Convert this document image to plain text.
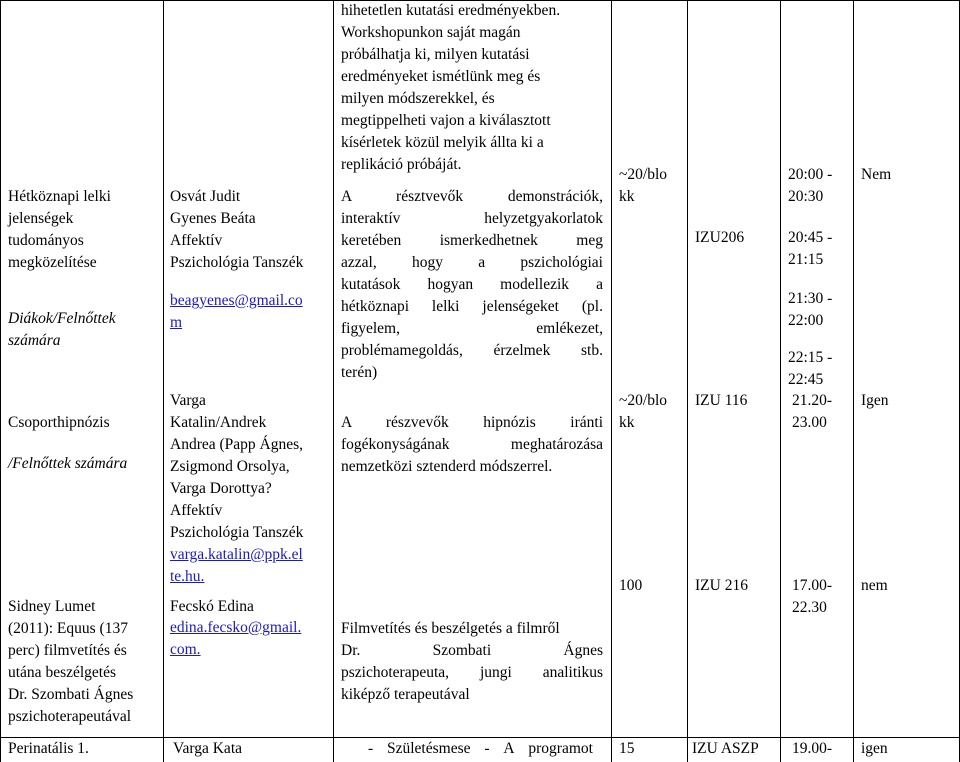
Hétköznapi lelki
jelenségek
tudományos
megközelítése
Diákok/Felnőttek
számára
Csoporthipnózis
/Felnőttek számára
Sidney Lumet
(2011): Equus (137
perc) filmvetítés és
utána beszélgetés
Dr. Szombati Ágnes
pszichoterapeutával
Perinatális 1.
Osvát Judit
Gyenes Beáta
Affektív
Pszichológia Tanszék
beagyenes@gmail.co
m
Varga
Katalin/Andrek
Andrea (Papp Ágnes,
Zsigmond Orsolya,
Varga Dorottya?
Affektív
Pszichológia Tanszék
varga.katalin@ppk.el
te.hu.
Fecskó Edina
edina.fecsko@gmail.
com.
Varga Kata
hihetetlen kutatási eredményekben.
Workshopunkon saját magán
próbálhatja ki, milyen kutatási
eredményeket ismétlünk meg és
milyen módszerekkel, és
megtippelheti vajon a kiválasztott
kísérletek közül melyik állta ki a
replikáció próbáját.
A résztvevők demonstrációk,
interaktív helyzetgyakorlatok
keretében ismerkedhetnek meg
azzal, hogy a pszichológiai
kutatások hogyan modellezik a
hétköznapi lelki jelenségeket (pl.
figyelem, emlékezet,
problémamegoldás, érzelmek stb.
terén)
A részvevők hipnózis iránti
fogékonyságának meghatározása
nemzetközi sztenderd módszerrel.
Filmvetítés és beszélgetés a filmről
Dr. Szombati Ágnes
pszichoterapeuta, jungi analitikus
kiképző terapeutával
- Születésmese - A programot
~20/blo
kk
~20/blo
kk
100
15
IZU206
IZU 116
IZU 216
IZU ASZP
20:00 -
20:30
20:45 -
21:15
21:30 -
22:00
22:15 -
22:45
21.20-
23.00
17.00-
22.30
19.00-
Nem
Igen
nem
igen
